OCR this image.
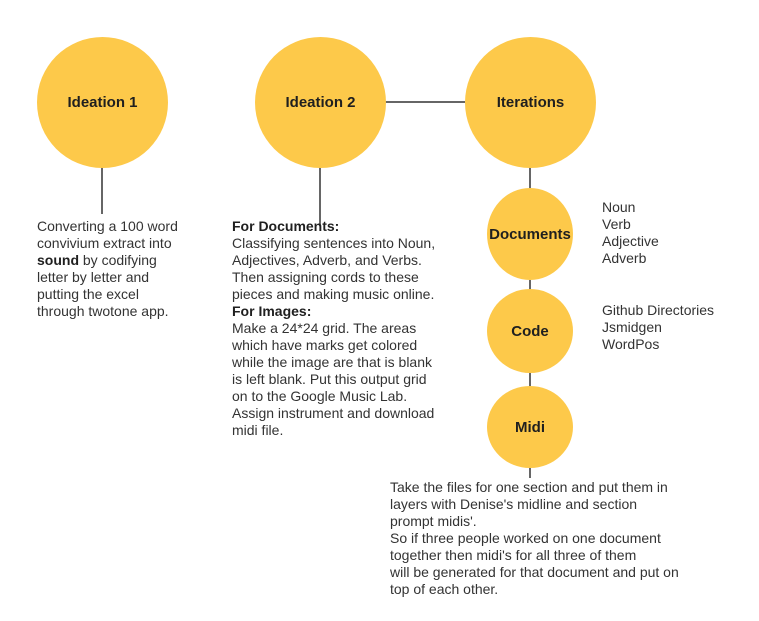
Ideation 1	Ideation 2	Iterations
Documents
Code
Midi

Converting a 100 word

convivium extract into

sound by codifying

letter by letter and

putting the excel

through twotone app.

For Documents:

Classifying sentences into Noun,

Adjectives, Adverb, and Verbs.

Then assigning cords to these

pieces and making music online.

For Images:

Make a 24*24 grid. The areas

which have marks get colored

while the image are that is blank

is left blank. Put this output grid

on to the Google Music Lab.

Assign instrument and download

midi file.

Noun

Verb

Adjective

Adverb

Github Directories

Jsmidgen

WordPos

Take the files for one section and put them in

layers with Denise's midline and section

prompt midis'.

So if three people worked on one document

together then midi's for all three of them

will be generated for that document and put on

top of each other.
